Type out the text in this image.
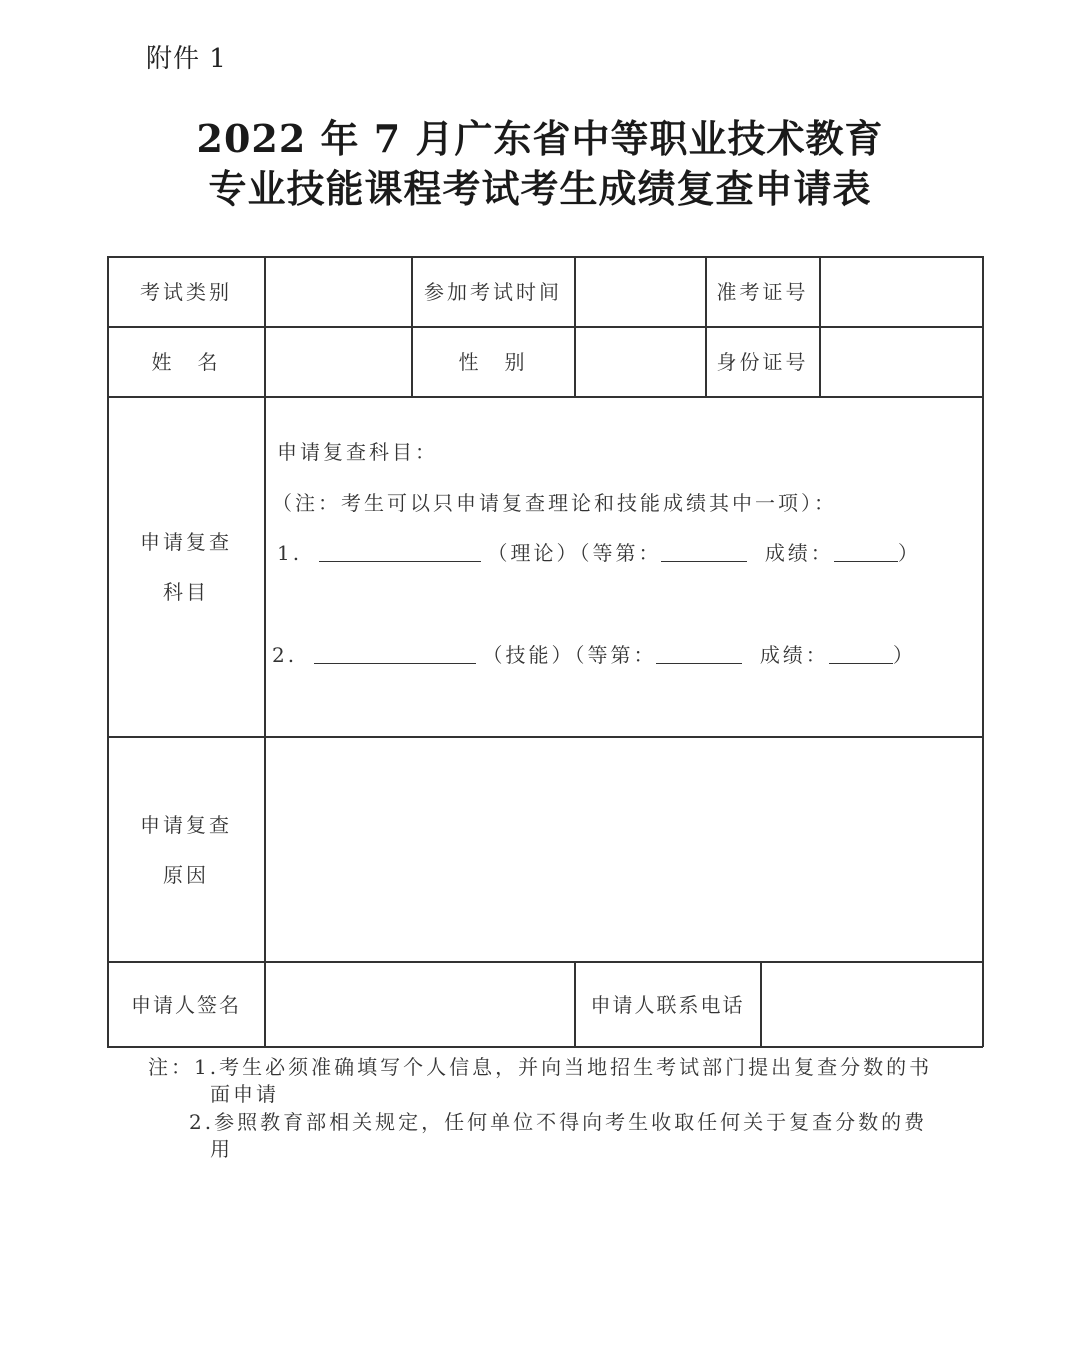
附件 1
2022 年 7 月广东省中等职业技术教育
专业技能课程考试考生成绩复查申请表
考试类别	参加考试时间	准考证号
姓　名	性　别	身份证号
申请复查
科目
申请复查科目：
（注：考生可以只申请复查理论和技能成绩其中一项）：
1.	（理论）（等第：	成绩：	）
2.	（技能）（等第：	成绩：	）
申请复查
原因
申请人签名	申请人联系电话
注：1.考生必须准确填写个人信息，并向当地招生考试部门提出复查分数的书
面申请
2.参照教育部相关规定，任何单位不得向考生收取任何关于复查分数的费
用
